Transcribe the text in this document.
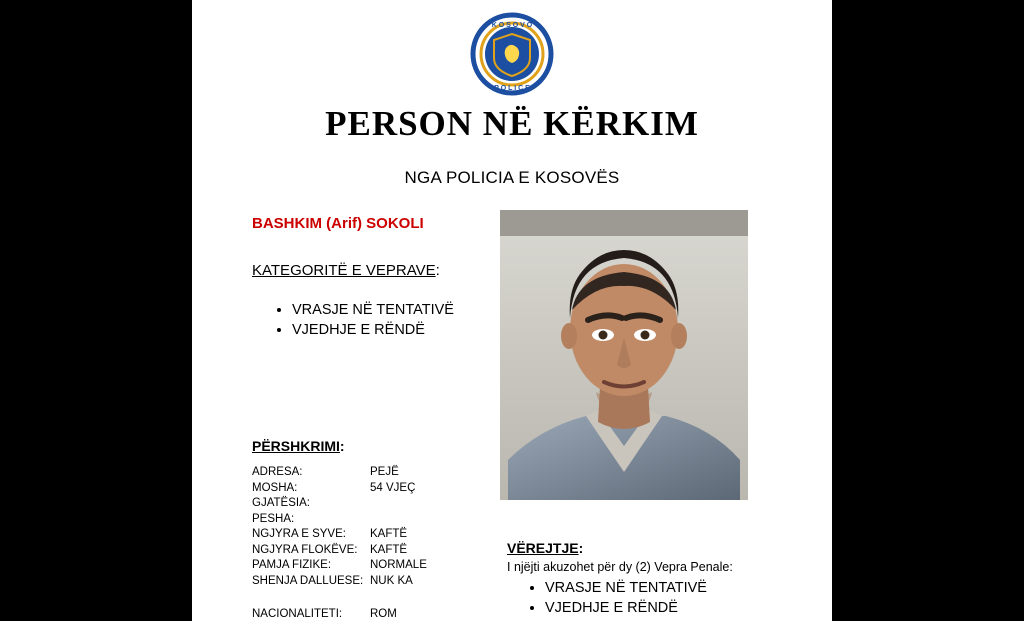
K O S O V O
P O L I C E
PERSON NË KËRKIM
NGA POLICIA E KOSOVËS
BASHKIM (Arif) SOKOLI
KATEGORITË E VEPRAVE:
• VRASJE NË TENTATIVË
• VJEDHJE E RËNDË
PËRSHKRIMI:
ADRESA:	PEJË
MOSHA:	54 VJEÇ
GJATËSIA:	
PESHA:	
NGJYRA E SYVE:	KAFTË
NGJYRA FLOKËVE:	KAFTË
PAMJA FIZIKE:	NORMALE
SHENJA DALLUESE:	NUK KA
NACIONALITETI:	ROM
VËREJTJE:
I njëjti akuzohet për dy (2) Vepra Penale:
• VRASJE NË TENTATIVË
• VJEDHJE E RËNDË
